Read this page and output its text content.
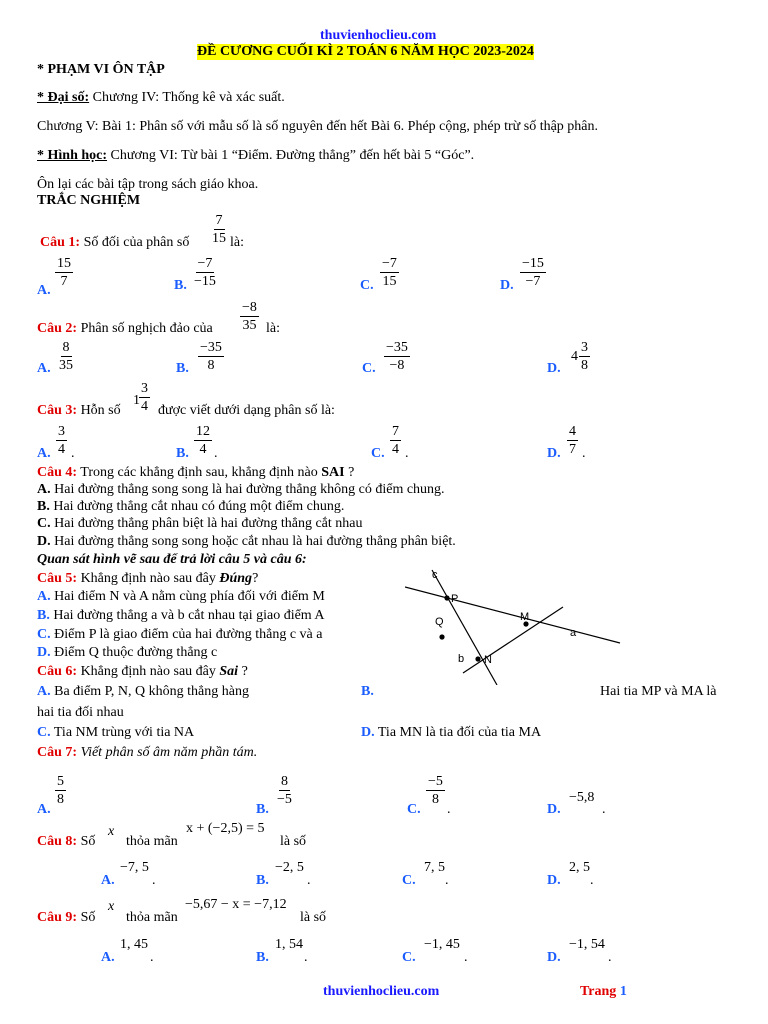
thuvienhoclieu.com
ĐỀ CƯƠNG CUỐI KÌ 2 TOÁN 6 NĂM HỌC 2023-2024
* PHẠM VI ÔN TẬP
* Đại số: Chương IV: Thống kê và xác suất.
Chương V: Bài 1: Phân số với mẫu số là số nguyên đến hết Bài 6. Phép cộng, phép trừ số thập phân.
* Hình học: Chương VI: Từ bài 1 “Điểm. Đường thẳng” đến hết bài 5 “Góc”.
Ôn lại các bài tập trong sách giáo khoa.
TRẮC NGHIỆM
Câu 1: Số đối của phân số $\frac{7}{15}$ là:
A.
$\frac{15}{7}$	B. $\frac{-7}{-15}$	C. $\frac{-7}{15}$	D. $\frac{-15}{-7}$
Câu 2: Phân số nghịch đảo của $\frac{-8}{35}$ là:
A. $\frac{8}{35}$	B. $\frac{-35}{8}$	C. $\frac{-35}{-8}$	D.
$4 \frac{3}{8}$
Câu 3: Hỗn số
$1 \frac{3}{4}$ được viết dưới dạng phân số là:
A. $\frac{3}{4}$ .	B. $\frac{12}{4}$ .	C. $\frac{7}{4}$ .	D. $\frac{4}{7}$ .
Câu 4: Trong các khẳng định sau, khẳng định nào SAI ?
A. Hai đường thẳng song song là hai đường thẳng không có điểm chung.
B. Hai đường thẳng cắt nhau có đúng một điểm chung.
C. Hai đường thẳng phân biệt là hai đường thẳng cắt nhau
D. Hai đường thẳng song song hoặc cắt nhau là hai đường thẳng phân biệt.
Quan sát hình vẽ sau để trả lời câu 5 và câu 6:
Câu 5: Khẳng định nào sau đây Đúng?
A. Hai điểm N và A nằm cùng phía đối với điểm M
B. Hai đường thẳng a và b cắt nhau tại giao điểm A
C. Điểm P là giao điểm của hai đường thẳng c và a
D. Điểm Q thuộc đường thẳng c
c
P
Q	M
a
b N
Câu 6: Khẳng định nào sau đây Sai ?
A. Ba điểm P, N, Q không thẳng hàng	B.	Hai tia MP và MA là
hai tia đối nhau
C. Tia NM trùng với tia NA	D. Tia MN là tia đối của tia MA
Câu 7: Viết phân số âm năm phần tám.
A.
$\frac{5}{8}$
B.
$\frac{8}{-5}$
C.
$\frac{-5}{8}$
.	D.
−5,8
.
Câu 8: Số
x
thỏa mãn
x + (−2,5) = 5
là số
A.
−7, 5
.	B.
−2, 5
.	C.
7, 5
.	D.
2, 5
.
Câu 9: Số
x
thỏa mãn
−5,67 − x = −7,12
là số
A.
1, 45
.	B.
1, 54
.	C.
−1, 45
.	D.
−1, 54
.
thuvienhoclieu.com	Trang 1
